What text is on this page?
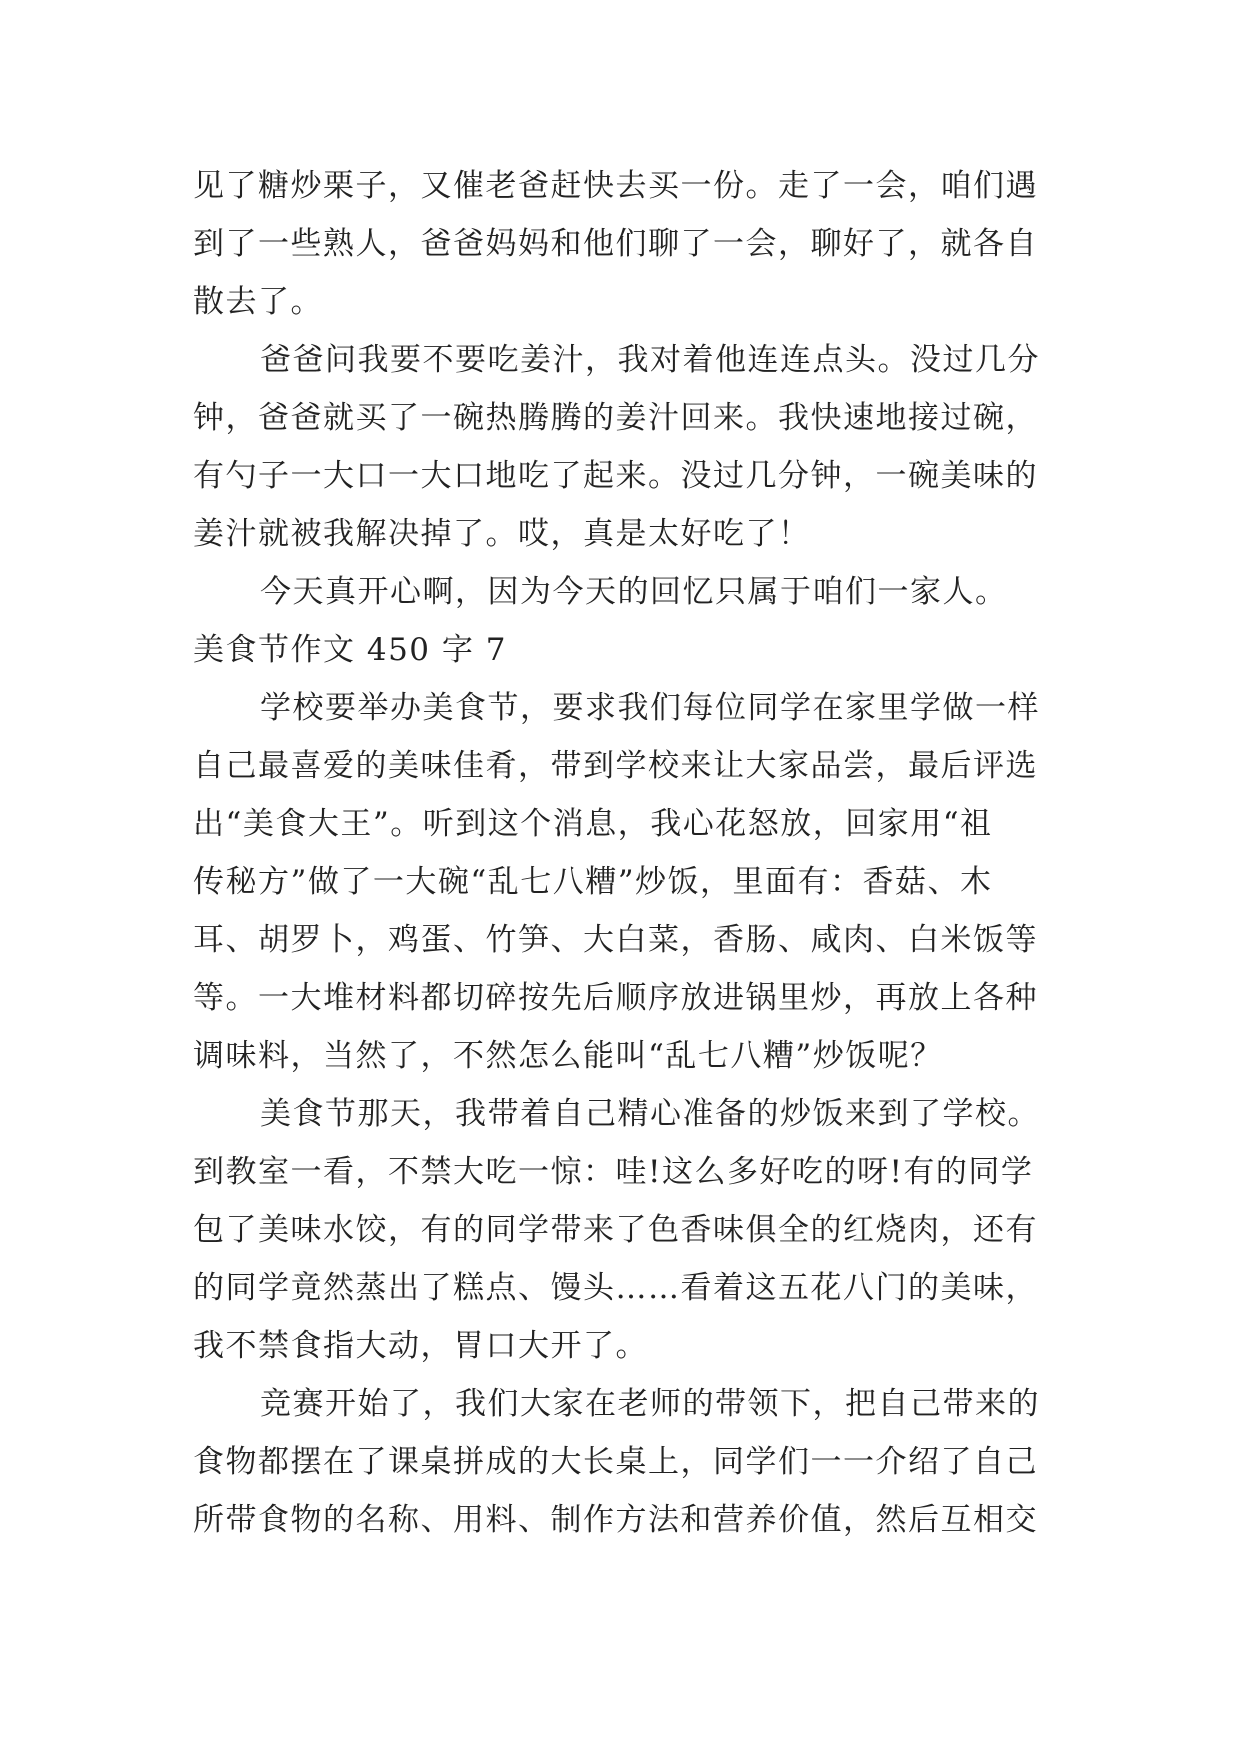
见了糖炒栗子，又催老爸赶快去买一份。走了一会，咱们遇
到了一些熟人，爸爸妈妈和他们聊了一会，聊好了，就各自
散去了。
爸爸问我要不要吃姜汁，我对着他连连点头。没过几分
钟，爸爸就买了一碗热腾腾的姜汁回来。我快速地接过碗，
有勺子一大口一大口地吃了起来。没过几分钟，一碗美味的
姜汁就被我解决掉了。哎，真是太好吃了！
今天真开心啊，因为今天的回忆只属于咱们一家人。
美食节作文 450 字 7
学校要举办美食节，要求我们每位同学在家里学做一样
自己最喜爱的美味佳肴，带到学校来让大家品尝，最后评选
出“美食大王”。听到这个消息，我心花怒放，回家用“祖
传秘方”做了一大碗“乱七八糟”炒饭，里面有：香菇、木
耳、胡罗卜，鸡蛋、竹笋、大白菜，香肠、咸肉、白米饭等
等。一大堆材料都切碎按先后顺序放进锅里炒，再放上各种
调味料，当然了，不然怎么能叫“乱七八糟”炒饭呢？
美食节那天，我带着自己精心准备的炒饭来到了学校。
到教室一看，不禁大吃一惊：哇!这么多好吃的呀!有的同学
包了美味水饺，有的同学带来了色香味俱全的红烧肉，还有
的同学竟然蒸出了糕点、馒头……看着这五花八门的美味，
我不禁食指大动，胃口大开了。
竞赛开始了，我们大家在老师的带领下，把自己带来的
食物都摆在了课桌拼成的大长桌上，同学们一一介绍了自己
所带食物的名称、用料、制作方法和营养价值，然后互相交
